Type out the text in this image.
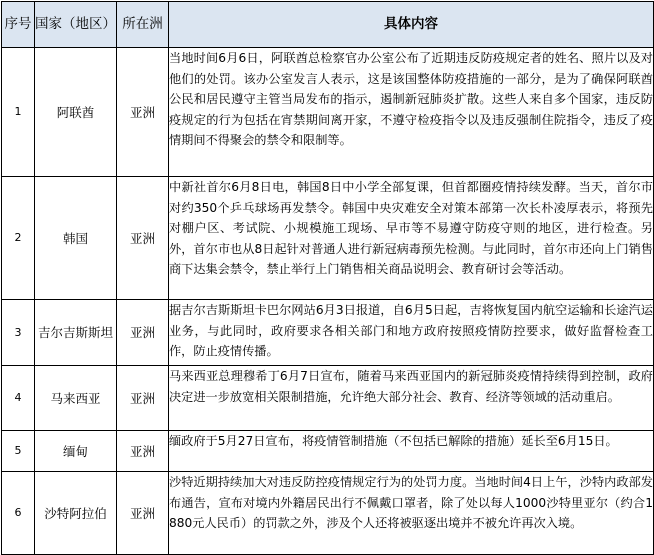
序号	国家（地区）	所在洲	具体内容
1	阿联酋	亚洲	当地时间6月6日，阿联酋总检察官办公室公布了近期违反防疫规定者的姓名、照片以及对他们的处罚。该办公室发言人表示，这是该国整体防疫措施的一部分，是为了确保阿联酋公民和居民遵守主管当局发布的指示，遏制新冠肺炎扩散。这些人来自多个国家，违反防疫规定的行为包括在宵禁期间离开家，不遵守检疫指令以及违反强制住院指令，违反了疫情期间不得聚会的禁令和限制等。
2	韩国	亚洲	中新社首尔6月8日电，韩国8日中小学全部复课，但首都圈疫情持续发酵。当天，首尔市对约350个乒乓球场再发禁令。韩国中央灾难安全对策本部第一次长朴凌厚表示，将预先对棚户区、考试院、小规模施工现场、早市等不易遵守防疫守则的地区，进行检查。另外，首尔市也从8日起针对普通人进行新冠病毒预先检测。与此同时，首尔市还向上门销售商下达集会禁令，禁止举行上门销售相关商品说明会、教育研讨会等活动。
3	吉尔吉斯斯坦	亚洲	据吉尔吉斯斯坦卡巴尔网站6月3日报道，自6月5日起，吉将恢复国内航空运输和长途汽运业务，与此同时，政府要求各相关部门和地方政府按照疫情防控要求，做好监督检查工作，防止疫情传播。
4	马来西亚	亚洲	马来西亚总理穆希丁6月7日宣布，随着马来西亚国内的新冠肺炎疫情持续得到控制，政府决定进一步放宽相关限制措施，允许绝大部分社会、教育、经济等领域的活动重启。
5	缅甸	亚洲	缅政府于5月27日宣布，将疫情管制措施（不包括已解除的措施）延长至6月15日。
6	沙特阿拉伯	亚洲	沙特近期持续加大对违反防控疫情规定行为的处罚力度。当地时间4日上午，沙特内政部发布通告，宣布对境内外籍居民出行不佩戴口罩者，除了处以每人1000沙特里亚尔（约合1880元人民币）的罚款之外，涉及个人还将被驱逐出境并不被允许再次入境。
